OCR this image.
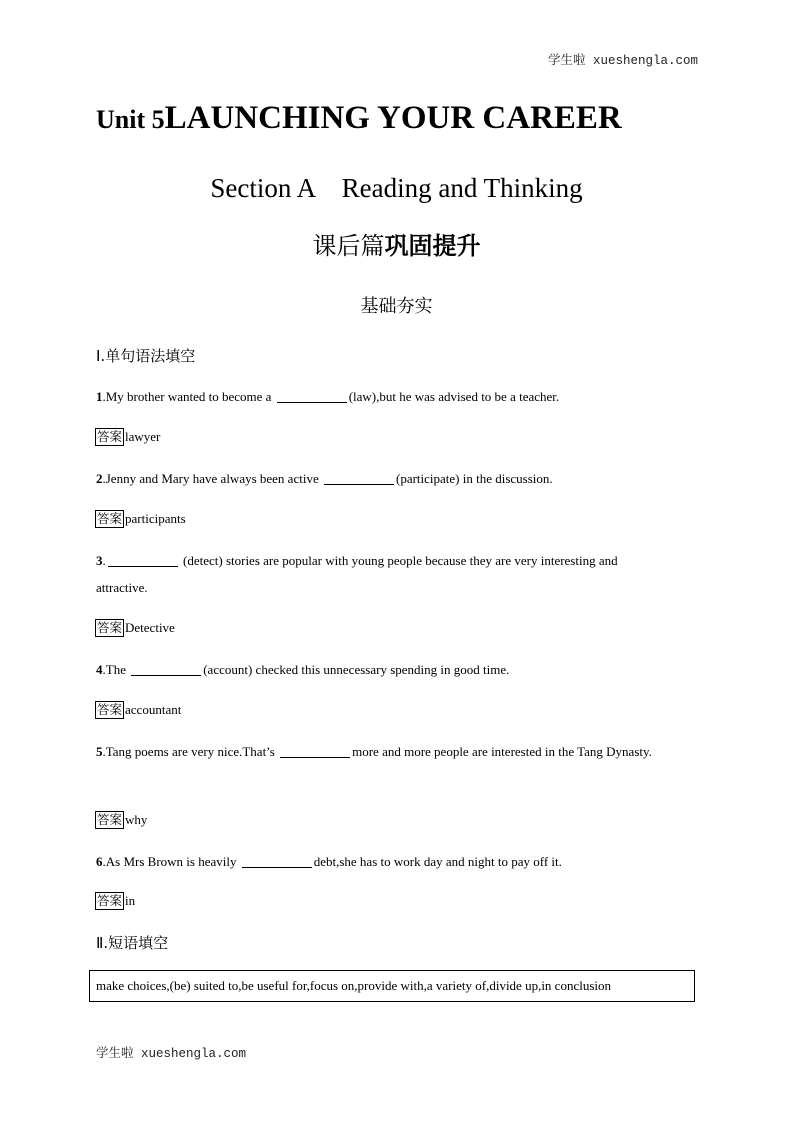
学生啦 xueshengla.com
Unit 5LAUNCHING YOUR CAREER
Section A　Reading and Thinking
课后篇巩固提升
基础夯实
Ⅰ.单句语法填空
1.My brother wanted to become a	(law),but he was advised to be a teacher.
答案 lawyer
2.Jenny and Mary have always been active	(participate) in the discussion.
答案 participants
3.	(detect) stories are popular with young people because they are very interesting and attractive.
答案 Detective
4.The	(account) checked this unnecessary spending in good time.
答案 accountant
5.Tang poems are very nice.That’s	more and more people are interested in the Tang Dynasty.
答案 why
6.As Mrs Brown is heavily	debt,she has to work day and night to pay off it.
答案 in
Ⅱ.短语填空
make choices,(be) suited to,be useful for,focus on,provide with,a variety of,divide up,in conclusion
学生啦 xueshengla.com
